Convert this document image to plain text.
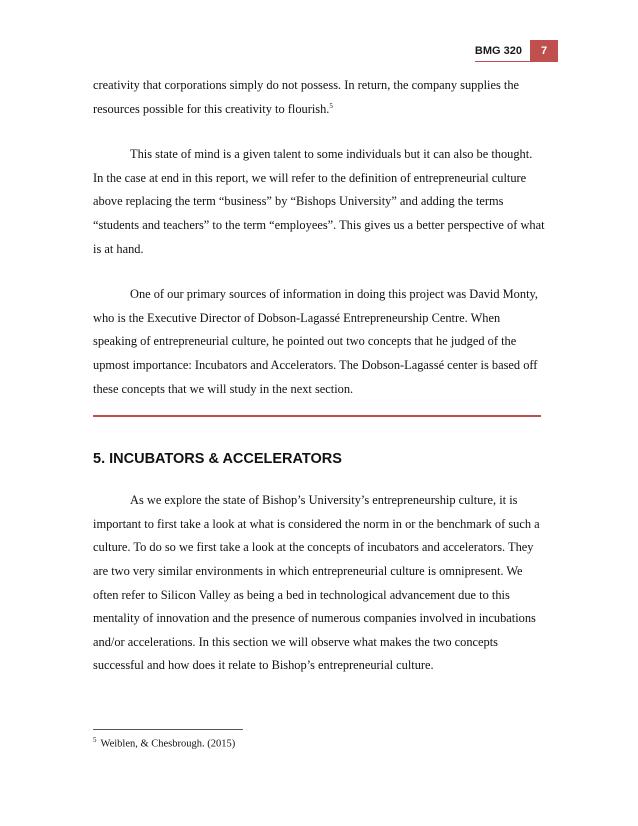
BMG 320	7

creativity that corporations simply do not possess. In return, the company supplies the resources possible for this creativity to flourish.$^5$

This state of mind is a given talent to some individuals but it can also be thought. In the case at end in this report, we will refer to the definition of entrepreneurial culture above replacing the term “business” by “Bishops University” and adding the terms “students and teachers” to the term “employees”. This gives us a better perspective of what is at hand.

One of our primary sources of information in doing this project was David Monty, who is the Executive Director of Dobson-Lagassé Entrepreneurship Centre. When speaking of entrepreneurial culture, he pointed out two concepts that he judged of the upmost importance: Incubators and Accelerators. The Dobson-Lagassé center is based off these concepts that we will study in the next section.

5. INCUBATORS & ACCELERATORS

As we explore the state of Bishop’s University’s entrepreneurship culture, it is important to first take a look at what is considered the norm in or the benchmark of such a culture. To do so we first take a look at the concepts of incubators and accelerators. They are two very similar environments in which entrepreneurial culture is omnipresent. We often refer to Silicon Valley as being a bed in technological advancement due to this mentality of innovation and the presence of numerous companies involved in incubations and/or accelerations. In this section we will observe what makes the two concepts successful and how does it relate to Bishop’s entrepreneurial culture.

$^5$ Weiblen, & Chesbrough. (2015)
